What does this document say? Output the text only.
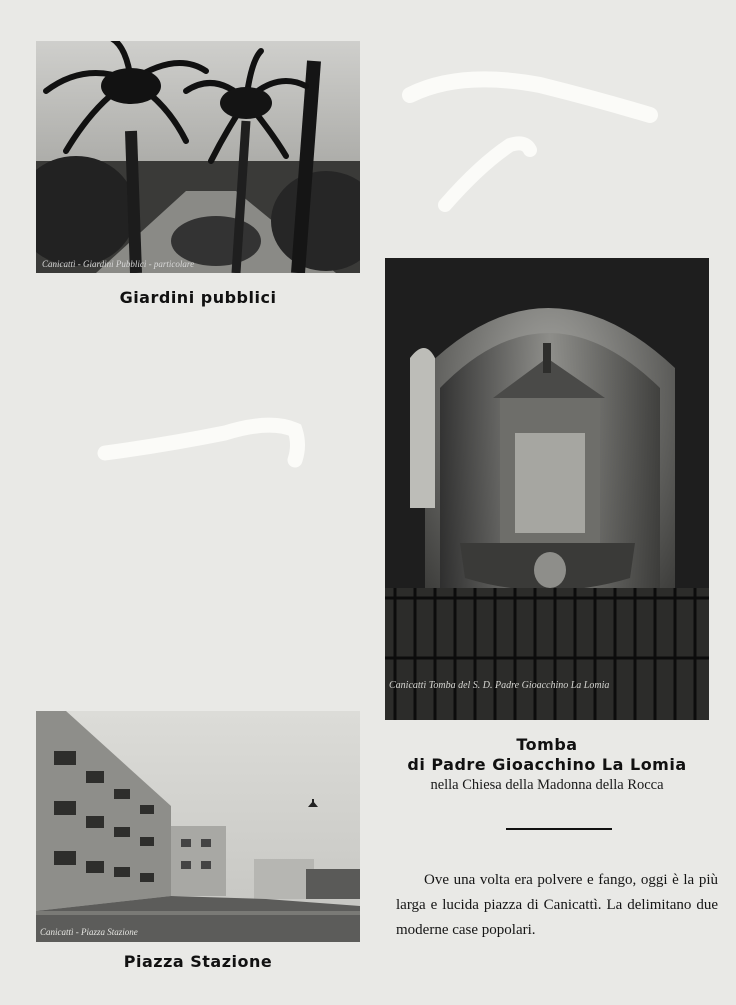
Canicattì - Giardini Pubblici - particolare
Giardini pubblici
Canicattì Tomba del S. D. Padre Gioacchino La Lomia
Tomba
di Padre Gioacchino La Lomia
nella Chiesa della Madonna della Rocca
Canicattì - Piazza Stazione
Piazza Stazione

Ove una volta era polvere e fango, oggi è la più larga e lucida piazza di Canicattì. La delimitano due moderne case popolari.
